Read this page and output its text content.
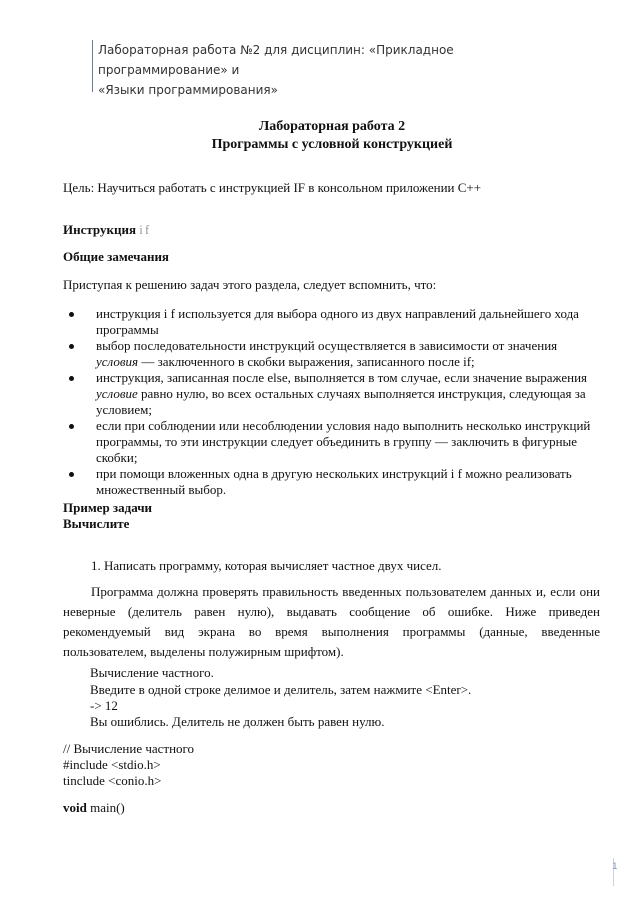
Лабораторная работа №2 для дисциплин: «Прикладное программирование» и
«Языки программирования»
Лабораторная работа 2
Программы с условной конструкцией
Цель: Научиться работать с инструкцией IF в консольном приложении C++
Инструкция if
Общие замечания
Приступая к решению задач этого раздела, следует вспомнить, что:
инструкция i f используется для выбора одного из двух направлений дальнейшего хода программы
выбор последовательности инструкций осуществляется в зависимости от значения условия — заключенного в скобки выражения, записанного после if;
инструкция, записанная после else, выполняется в том случае, если значение выражения условие равно нулю, во всех остальных случаях выполняется инструкция, следующая за условием;
если при соблюдении или несоблюдении условия надо выполнить несколько инструкций программы, то эти инструкции следует объединить в группу — заключить в фигурные скобки;
при помощи вложенных одна в другую нескольких инструкций i f можно реализовать множественный выбор.
Пример задачи
Вычислите
1. Написать программу, которая вычисляет частное двух чисел.
Программа должна проверять правильность введенных пользователем данных и, если они неверные (делитель равен нулю), выдавать сообщение об ошибке. Ниже приведен рекомендуемый вид экрана во время выполнения программы (данные, введенные пользователем, выделены полужирным шрифтом).
Вычисление частного.
Введите в одной строке делимое и делитель, затем нажмите <Enter>.
-> 12
Вы ошиблись. Делитель не должен быть равен нулю.
// Вычисление частного
#include <stdio.h>
tinclude <conio.h>
void main()
1
